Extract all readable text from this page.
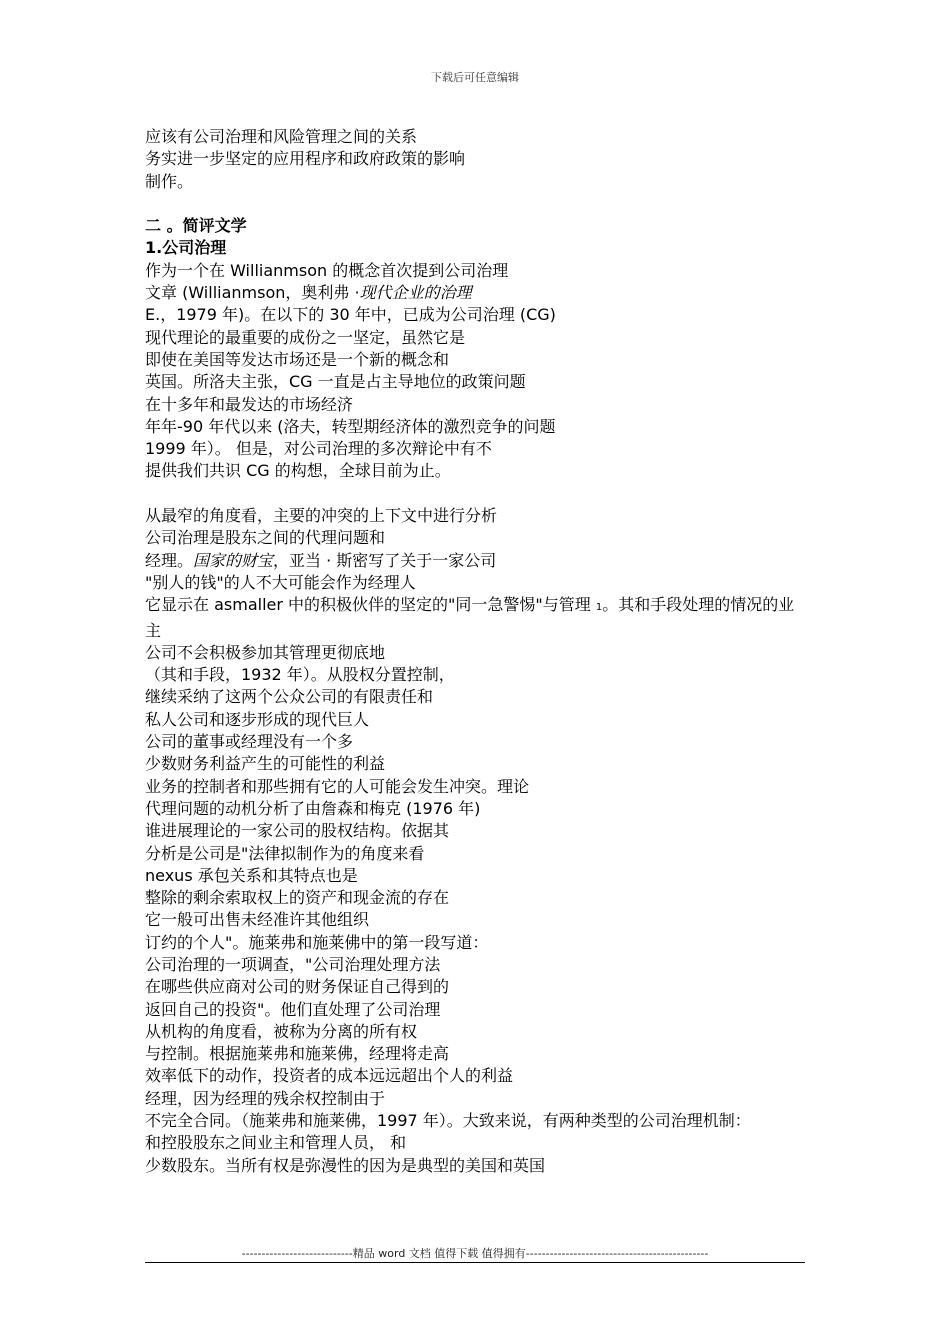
下载后可任意编辑

应该有公司治理和风险管理之间的关系

务实进一步坚定的应用程序和政府政策的影响

制作。

二 。简评文学

1.公司治理

作为一个在 Willianmson 的概念首次提到公司治理

文章 (Willianmson，奥利弗 ·现代企业的治理

E.，1979 年)。在以下的 30 年中，已成为公司治理 (CG)

现代理论的最重要的成份之一坚定，虽然它是

即使在美国等发达市场还是一个新的概念和

英国。所洛夫主张，CG 一直是占主导地位的政策问题

在十多年和最发达的市场经济

年年-90 年代以来 (洛夫，转型期经济体的激烈竞争的问题

1999 年）。 但是，对公司治理的多次辩论中有不

提供我们共识 CG 的构想，全球目前为止。

从最窄的角度看，主要的冲突的上下文中进行分析

公司治理是股东之间的代理问题和

经理。国家的财宝，亚当 · 斯密写了关于一家公司

"别人的钱"的人不大可能会作为经理人

它显示在 asmaller 中的积极伙伴的坚定的"同一急警惕"与管理 1。其和手段处理的情况的业主

公司不会积极参加其管理更彻底地

（其和手段，1932 年）。从股权分置控制，

继续采纳了这两个公众公司的有限责任和

私人公司和逐步形成的现代巨人

公司的董事或经理没有一个多

少数财务利益产生的可能性的利益

业务的控制者和那些拥有它的人可能会发生冲突。理论

代理问题的动机分析了由詹森和梅克 (1976 年)

谁进展理论的一家公司的股权结构。依据其

分析是公司是"法律拟制作为的角度来看

nexus 承包关系和其特点也是

整除的剩余索取权上的资产和现金流的存在

它一般可出售未经准许其他组织

订约的个人"。施莱弗和施莱佛中的第一段写道：

公司治理的一项调查，"公司治理处理方法

在哪些供应商对公司的财务保证自己得到的

返回自己的投资"。他们直处理了公司治理

从机构的角度看，被称为分离的所有权

与控制。根据施莱弗和施莱佛，经理将走高

效率低下的动作，投资者的成本远远超出个人的利益

经理，因为经理的残余权控制由于

不完全合同。（施莱弗和施莱佛，1997 年）。大致来说，有两种类型的公司治理机制：

和控股股东之间业主和管理人员， 和

少数股东。当所有权是弥漫性的因为是典型的美国和英国

----------------------------精品 word 文档 值得下载 值得拥有----------------------------------------------
